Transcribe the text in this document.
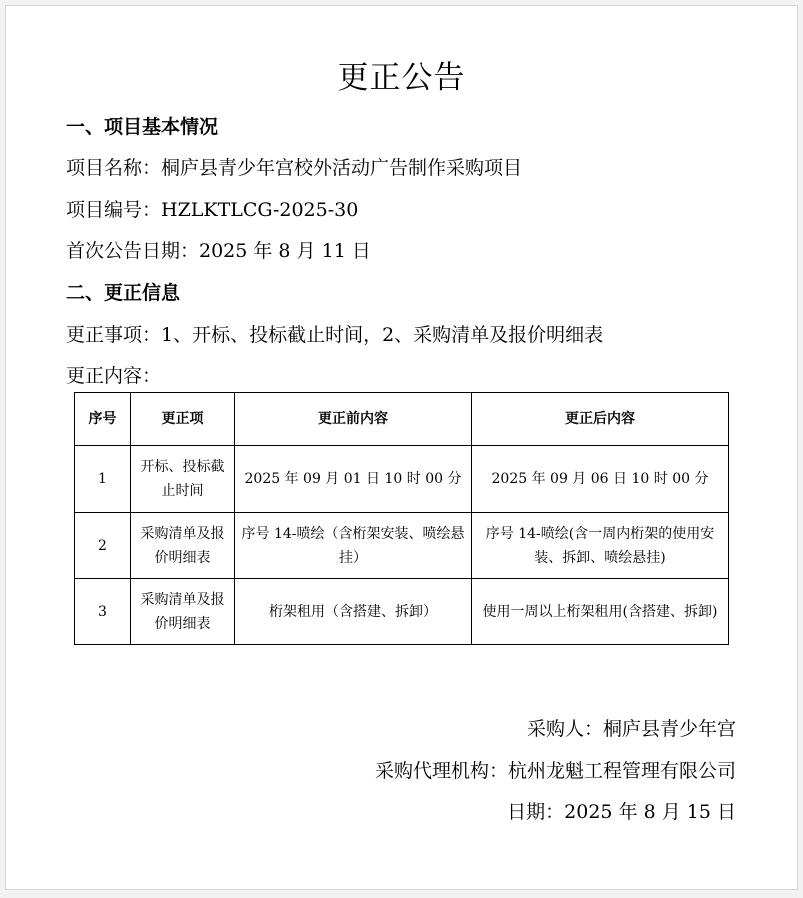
更正公告
一、项目基本情况
项目名称：桐庐县青少年宫校外活动广告制作采购项目
项目编号：HZLKTLCG-2025-30
首次公告日期：2025 年 8 月 11 日
二、更正信息
更正事项：1、开标、投标截止时间，2、采购清单及报价明细表
更正内容：
序号	更正项	更正前内容	更正后内容
1	开标、投标截止时间	2025 年 09 月 01 日 10 时 00 分	2025 年 09 月 06 日 10 时 00 分
2	采购清单及报价明细表	序号 14-喷绘（含桁架安装、喷绘悬挂）	序号 14-喷绘(含一周内桁架的使用安装、拆卸、喷绘悬挂)
3	采购清单及报价明细表	桁架租用（含搭建、拆卸）	使用一周以上桁架租用(含搭建、拆卸)
采购人：桐庐县青少年宫
采购代理机构：杭州龙魁工程管理有限公司
日期：2025 年 8 月 15 日
